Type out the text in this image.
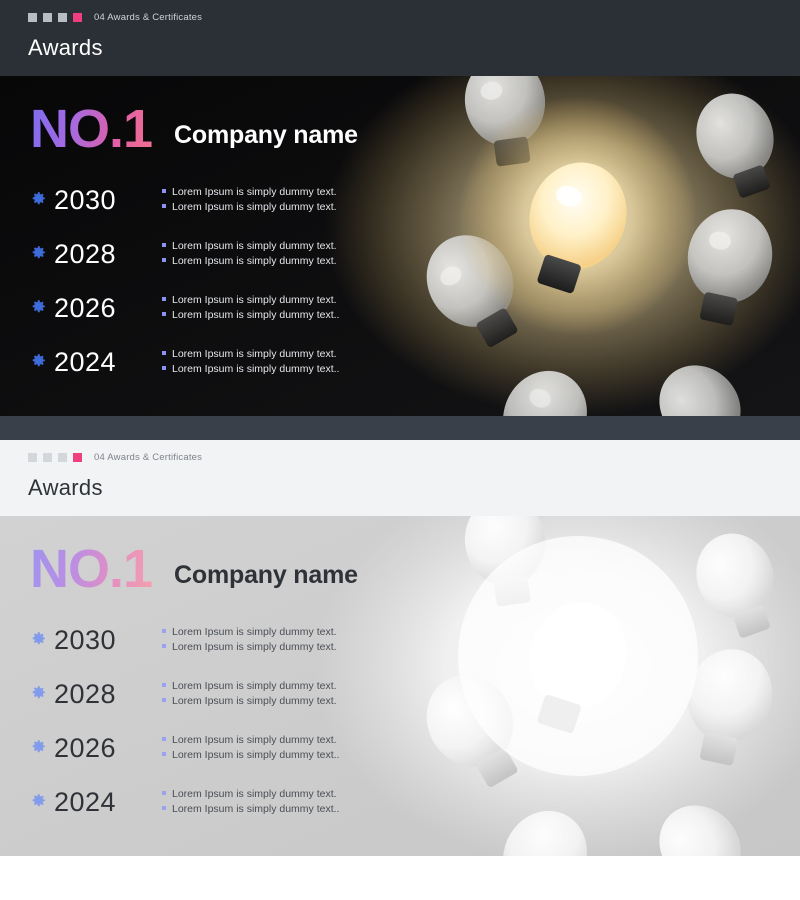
04 Awards & Certificates
Awards
NO.1 Company name
2030	Lorem Ipsum is simply dummy text.
Lorem Ipsum is simply dummy text.
2028	Lorem Ipsum is simply dummy text.
Lorem Ipsum is simply dummy text.
2026	Lorem Ipsum is simply dummy text.
Lorem Ipsum is simply dummy text..
2024	Lorem Ipsum is simply dummy text.
Lorem Ipsum is simply dummy text..
04 Awards & Certificates
Awards
NO.1 Company name
2030	Lorem Ipsum is simply dummy text.
Lorem Ipsum is simply dummy text.
2028	Lorem Ipsum is simply dummy text.
Lorem Ipsum is simply dummy text.
2026	Lorem Ipsum is simply dummy text.
Lorem Ipsum is simply dummy text..
2024	Lorem Ipsum is simply dummy text.
Lorem Ipsum is simply dummy text..
